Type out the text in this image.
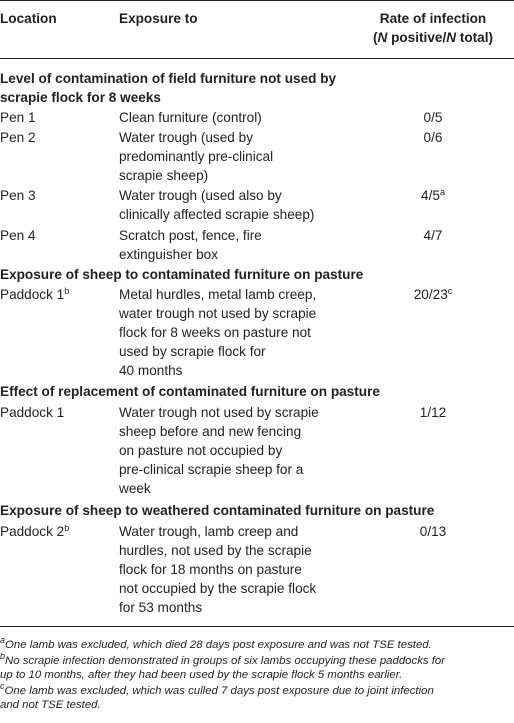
Location	Exposure to	Rate of infection
(N positive/N total)
Level of contamination of field furniture not used by
scrapie flock for 8 weeks
Pen 1	Clean furniture (control)	0/5
Pen 2	Water trough (used by
predominantly pre-clinical
scrapie sheep)
0/6
Pen 3	Water trough (used also by
clinically affected scrapie sheep)
4/5$^a$
Pen 4	Scratch post, fence, fire
extinguisher box
4/7
Exposure of sheep to contaminated furniture on pasture
Paddock 1$^b$	Metal hurdles, metal lamb creep,
water trough not used by scrapie
flock for 8 weeks on pasture not
used by scrapie flock for
40 months
20/23$^c$
Effect of replacement of contaminated furniture on pasture
Paddock 1	Water trough not used by scrapie
sheep before and new fencing
on pasture not occupied by
pre-clinical scrapie sheep for a
week
1/12
Exposure of sheep to weathered contaminated furniture on pasture
Paddock 2$^b$	Water trough, lamb creep and
hurdles, not used by the scrapie
flock for 18 months on pasture
not occupied by the scrapie flock
for 53 months
0/13
$^a$One lamb was excluded, which died 28 days post exposure and was not TSE tested.
$^b$No scrapie infection demonstrated in groups of six lambs occupying these paddocks for
up to 10 months, after they had been used by the scrapie flock 5 months earlier.
$^c$One lamb was excluded, which was culled 7 days post exposure due to joint infection
and not TSE tested.
